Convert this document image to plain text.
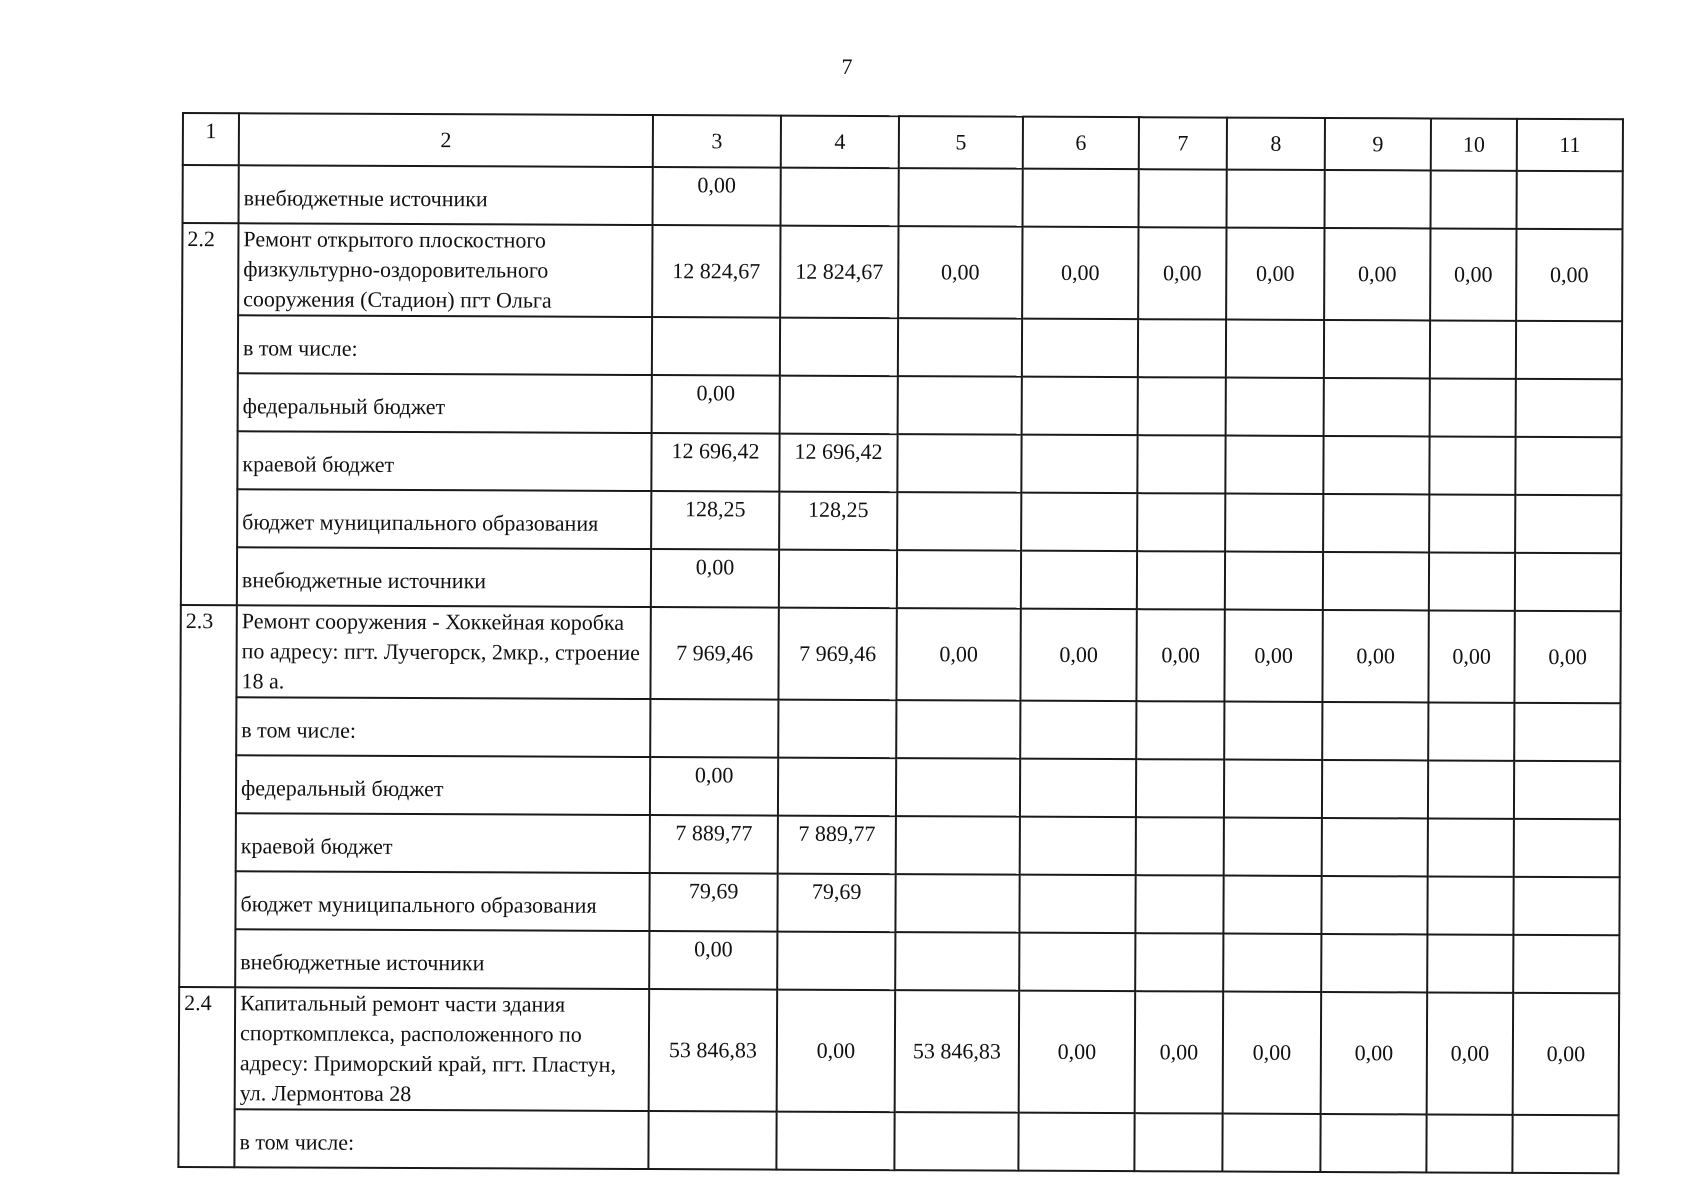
7
1	2	3	4	5	6	7	8	9	10	11
	внебюджетные источники	0,00								
2.2	Ремонт открытого плоскостного физкультурно-оздоровительного сооружения (Стадион) пгт Ольга	12 824,67	12 824,67	0,00	0,00	0,00	0,00	0,00	0,00	0,00
	в том числе:									
	федеральный бюджет	0,00								
	краевой бюджет	12 696,42	12 696,42							
	бюджет муниципального образования	128,25	128,25							
	внебюджетные источники	0,00								
2.3	Ремонт сооружения - Хоккейная коробка по адресу: пгт. Лучегорск, 2мкр., строение 18 а.	7 969,46	7 969,46	0,00	0,00	0,00	0,00	0,00	0,00	0,00
	в том числе:									
	федеральный бюджет	0,00								
	краевой бюджет	7 889,77	7 889,77							
	бюджет муниципального образования	79,69	79,69							
	внебюджетные источники	0,00								
2.4	Капитальный ремонт части здания спорткомплекса, расположенного по адресу: Приморский край, пгт. Пластун, ул. Лермонтова 28	53 846,83	0,00	53 846,83	0,00	0,00	0,00	0,00	0,00	0,00
	в том числе:									
